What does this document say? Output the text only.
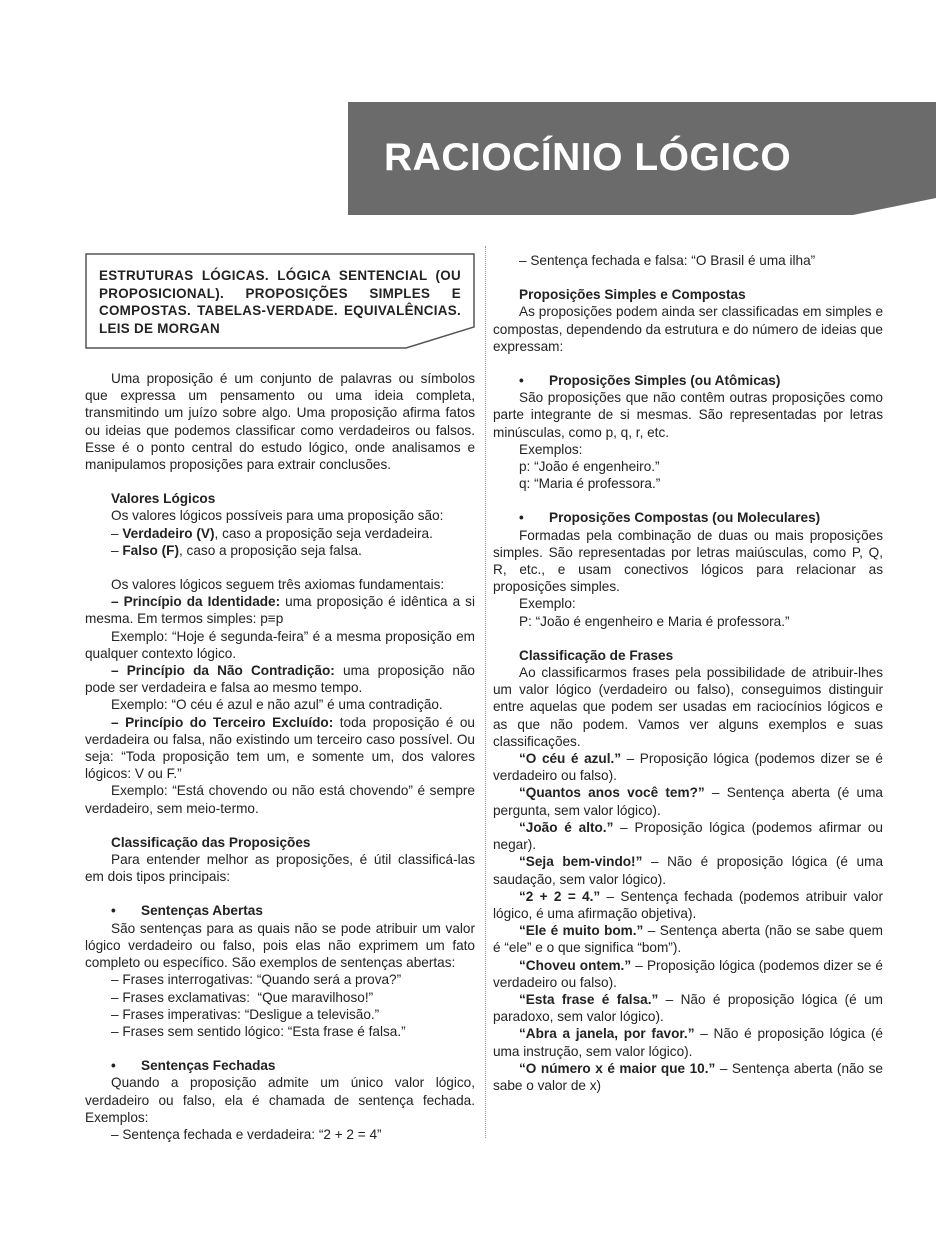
RACIOCÍNIO LÓGICO
ESTRUTURAS LÓGICAS. LÓGICA SENTENCIAL (OU PROPOSICIONAL). PROPOSIÇÕES SIMPLES E COMPOSTAS. TABELAS-VERDADE. EQUIVALÊNCIAS. LEIS DE MORGAN

Uma proposição é um conjunto de palavras ou símbolos que expressa um pensamento ou uma ideia completa, transmitindo um juízo sobre algo. Uma proposição afirma fatos ou ideias que podemos classificar como verdadeiros ou falsos. Esse é o ponto central do estudo lógico, onde analisamos e manipulamos proposições para extrair conclusões.

Valores Lógicos

Os valores lógicos possíveis para uma proposição são:

– Verdadeiro (V), caso a proposição seja verdadeira.

– Falso (F), caso a proposição seja falsa.

Os valores lógicos seguem três axiomas fundamentais:

– Princípio da Identidade: uma proposição é idêntica a si mesma. Em termos simples: p≡p

Exemplo: “Hoje é segunda-feira” é a mesma proposição em qualquer contexto lógico.

– Princípio da Não Contradição: uma proposição não pode ser verdadeira e falsa ao mesmo tempo.

Exemplo: “O céu é azul e não azul” é uma contradição.

– Princípio do Terceiro Excluído: toda proposição é ou verdadeira ou falsa, não existindo um terceiro caso possível. Ou seja: “Toda proposição tem um, e somente um, dos valores lógicos: V ou F.”

Exemplo: “Está chovendo ou não está chovendo” é sempre verdadeiro, sem meio-termo.

Classificação das Proposições

Para entender melhor as proposições, é útil classificá-las em dois tipos principais:

• Sentenças Abertas

São sentenças para as quais não se pode atribuir um valor lógico verdadeiro ou falso, pois elas não exprimem um fato completo ou específico. São exemplos de sentenças abertas:

– Frases interrogativas: “Quando será a prova?”

– Frases exclamativas:  “Que maravilhoso!”

– Frases imperativas: “Desligue a televisão.”

– Frases sem sentido lógico: “Esta frase é falsa.”

• Sentenças Fechadas

Quando a proposição admite um único valor lógico, verdadeiro ou falso, ela é chamada de sentença fechada. Exemplos:

– Sentença fechada e verdadeira: “2 + 2 = 4”

– Sentença fechada e falsa: “O Brasil é uma ilha”

Proposições Simples e Compostas

As proposições podem ainda ser classificadas em simples e compostas, dependendo da estrutura e do número de ideias que expressam:

• Proposições Simples (ou Atômicas)

São proposições que não contêm outras proposições como parte integrante de si mesmas. São representadas por letras minúsculas, como p, q, r, etc.

Exemplos:

p: “João é engenheiro.”

q: “Maria é professora.”

• Proposições Compostas (ou Moleculares)

Formadas pela combinação de duas ou mais proposições simples. São representadas por letras maiúsculas, como P, Q, R, etc., e usam conectivos lógicos para relacionar as proposições simples.

Exemplo:

P: “João é engenheiro e Maria é professora.”

Classificação de Frases

Ao classificarmos frases pela possibilidade de atribuir-lhes um valor lógico (verdadeiro ou falso), conseguimos distinguir entre aquelas que podem ser usadas em raciocínios lógicos e as que não podem. Vamos ver alguns exemplos e suas classificações.

“O céu é azul.” – Proposição lógica (podemos dizer se é verdadeiro ou falso).

“Quantos anos você tem?” – Sentença aberta (é uma pergunta, sem valor lógico).

“João é alto.” – Proposição lógica (podemos afirmar ou negar).

“Seja bem-vindo!” – Não é proposição lógica (é uma saudação, sem valor lógico).

“2 + 2 = 4.” – Sentença fechada (podemos atribuir valor lógico, é uma afirmação objetiva).

“Ele é muito bom.” – Sentença aberta (não se sabe quem é “ele” e o que significa “bom”).

“Choveu ontem.” – Proposição lógica (podemos dizer se é verdadeiro ou falso).

“Esta frase é falsa.” – Não é proposição lógica (é um paradoxo, sem valor lógico).

“Abra a janela, por favor.” – Não é proposição lógica (é uma instrução, sem valor lógico).

“O número x é maior que 10.” – Sentença aberta (não se sabe o valor de x)
